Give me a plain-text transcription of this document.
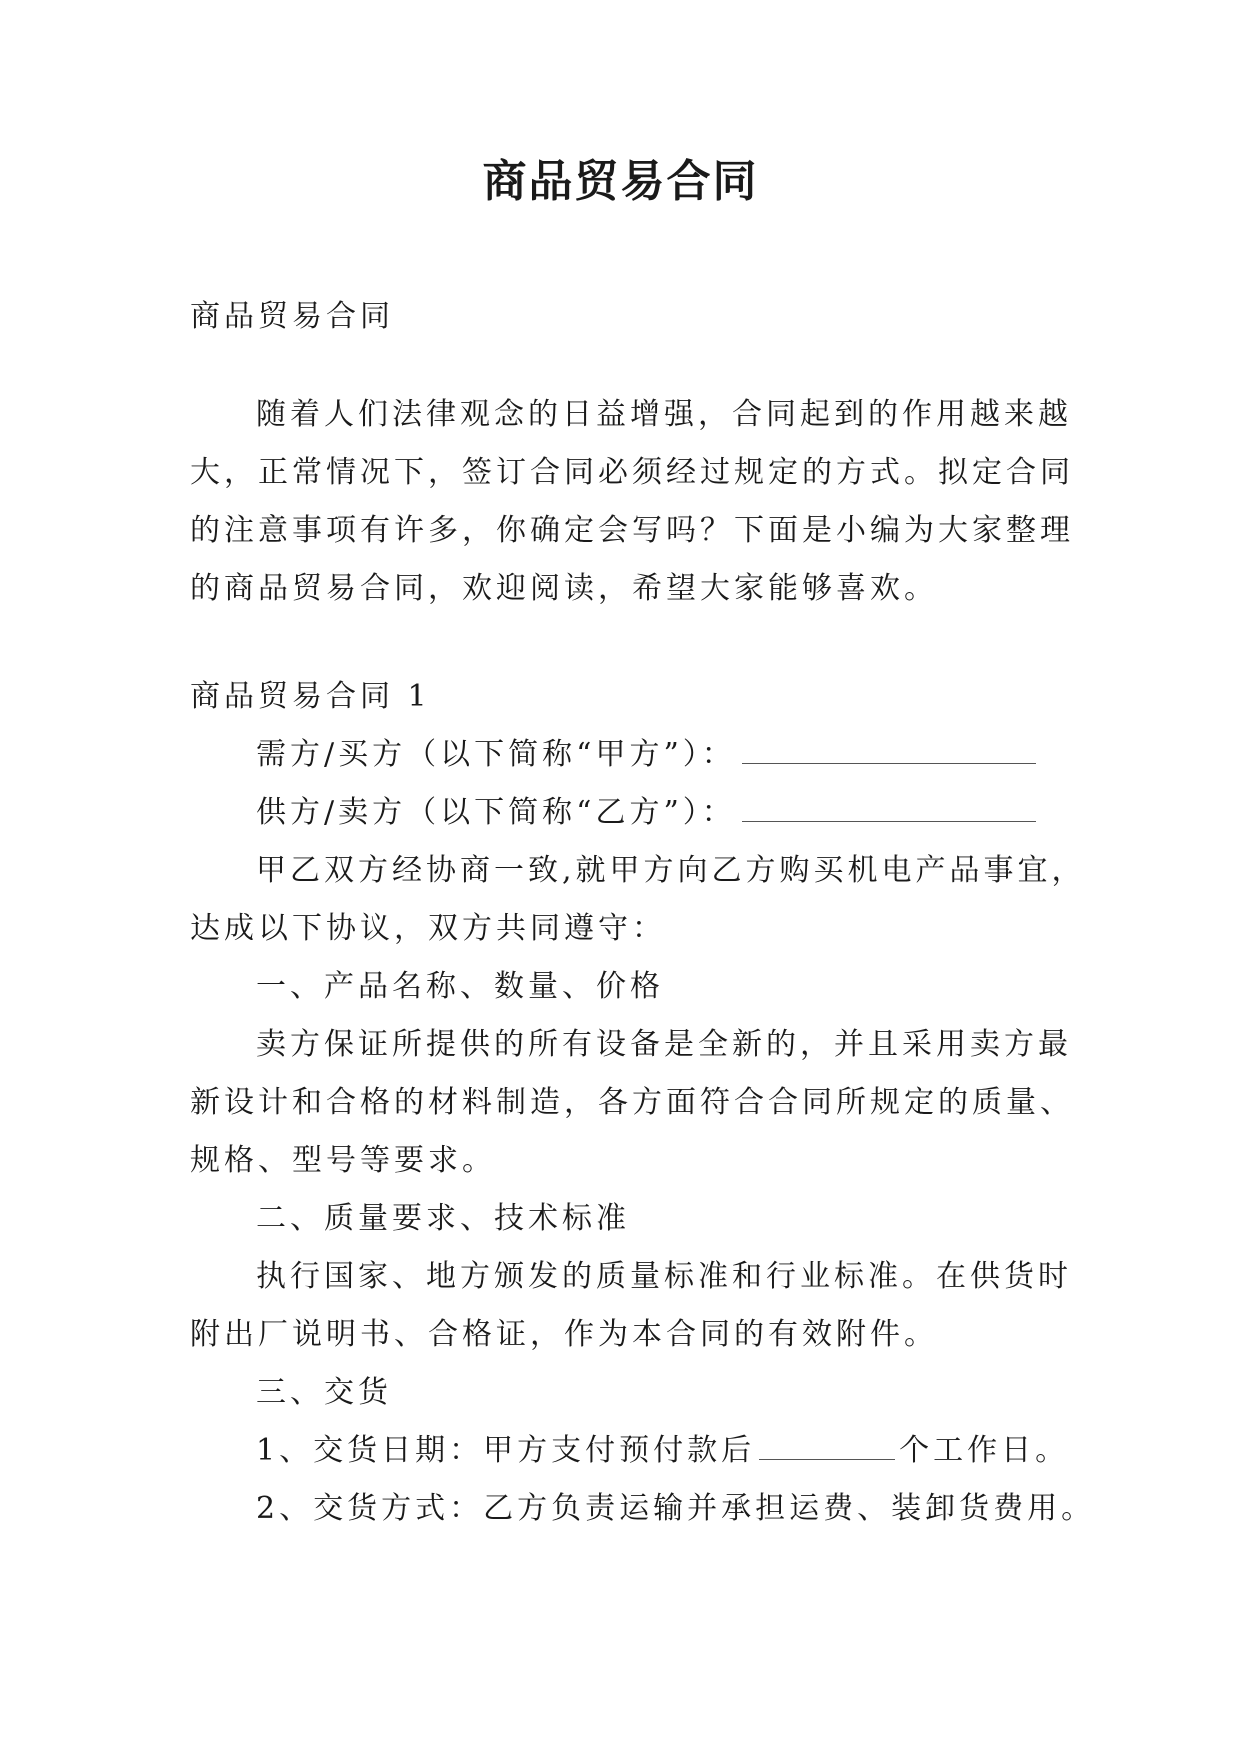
商品贸易合同

商品贸易合同

随着人们法律观念的日益增强，合同起到的作用越来越

大，正常情况下，签订合同必须经过规定的方式。拟定合同

的注意事项有许多，你确定会写吗？下面是小编为大家整理

的商品贸易合同，欢迎阅读，希望大家能够喜欢。

商品贸易合同 1

需方/买方（以下简称“甲方”）：

供方/卖方（以下简称“乙方”）：

甲乙双方经协商一致,就甲方向乙方购买机电产品事宜，

达成以下协议，双方共同遵守：

一、产品名称、数量、价格

卖方保证所提供的所有设备是全新的，并且采用卖方最

新设计和合格的材料制造，各方面符合合同所规定的质量、

规格、型号等要求。

二、质量要求、技术标准

执行国家、地方颁发的质量标准和行业标准。在供货时

附出厂说明书、合格证，作为本合同的有效附件。

三、交货

1、交货日期：甲方支付预付款后	个工作日。

2、交货方式：乙方负责运输并承担运费、装卸货费用。
